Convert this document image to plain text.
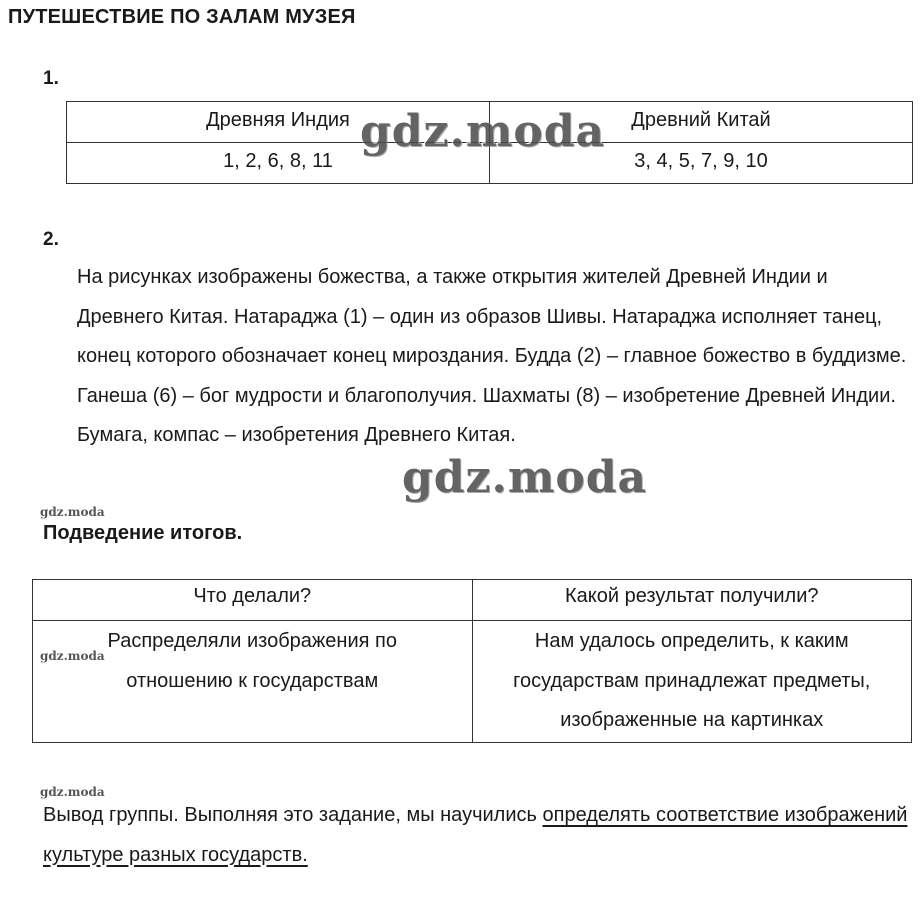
ПУТЕШЕСТВИЕ ПО ЗАЛАМ МУЗЕЯ
1.
Древняя Индия	Древний Китай
1, 2, 6, 8, 11	3, 4, 5, 7, 9, 10
gdz.moda
2.
На рисунках изображены божества, а также открытия жителей Древней Индии и Древнего Китая. Натараджа (1) – один из образов Шивы. Натараджа исполняет танец, конец которого обозначает конец мироздания. Будда (2) – главное божество в буддизме. Ганеша (6) – бог мудрости и благополучия. Шахматы (8) – изобретение Древней Индии. Бумага, компас – изобретения Древнего Китая.
gdz.moda
gdz.moda
Подведение итогов.
Что делали?	Какой результат получили?

Распределяли изображения по отношению к государствам	Нам удалось определить, к каким государствам принадлежат предметы, изображенные на картинках
gdz.moda
gdz.moda
Вывод группы. Выполняя это задание, мы научились определять соответствие изображений культуре разных государств.
